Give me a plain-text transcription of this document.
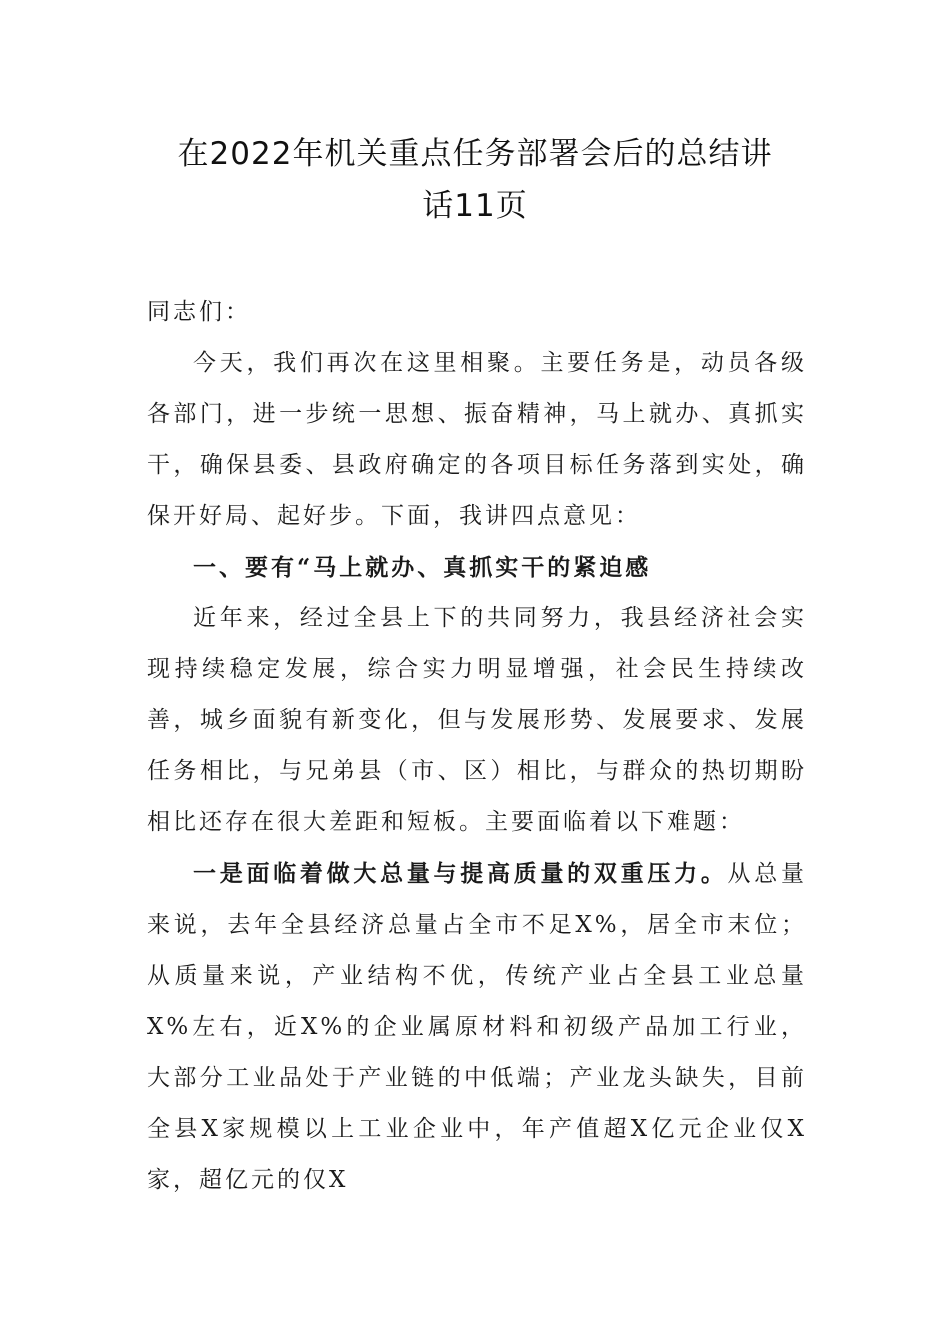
在2022年机关重点任务部署会后的总结讲
话11页

同志们：

今天，我们再次在这里相聚。主要任务是，动员各级各部门，进一步统一思想、振奋精神，马上就办、真抓实干，确保县委、县政府确定的各项目标任务落到实处，确保开好局、起好步。下面，我讲四点意见：

一、要有“马上就办、真抓实干的紧迫感

近年来，经过全县上下的共同努力，我县经济社会实现持续稳定发展，综合实力明显增强，社会民生持续改善，城乡面貌有新变化，但与发展形势、发展要求、发展任务相比，与兄弟县（市、区）相比，与群众的热切期盼相比还存在很大差距和短板。主要面临着以下难题：

一是面临着做大总量与提高质量的双重压力。从总量来说，去年全县经济总量占全市不足X%，居全市末位；从质量来说，产业结构不优，传统产业占全县工业总量X%左右，近X%的企业属原材料和初级产品加工行业，大部分工业品处于产业链的中低端；产业龙头缺失，目前全县X家规模以上工业企业中，年产值超X亿元企业仅X家，超亿元的仅X
